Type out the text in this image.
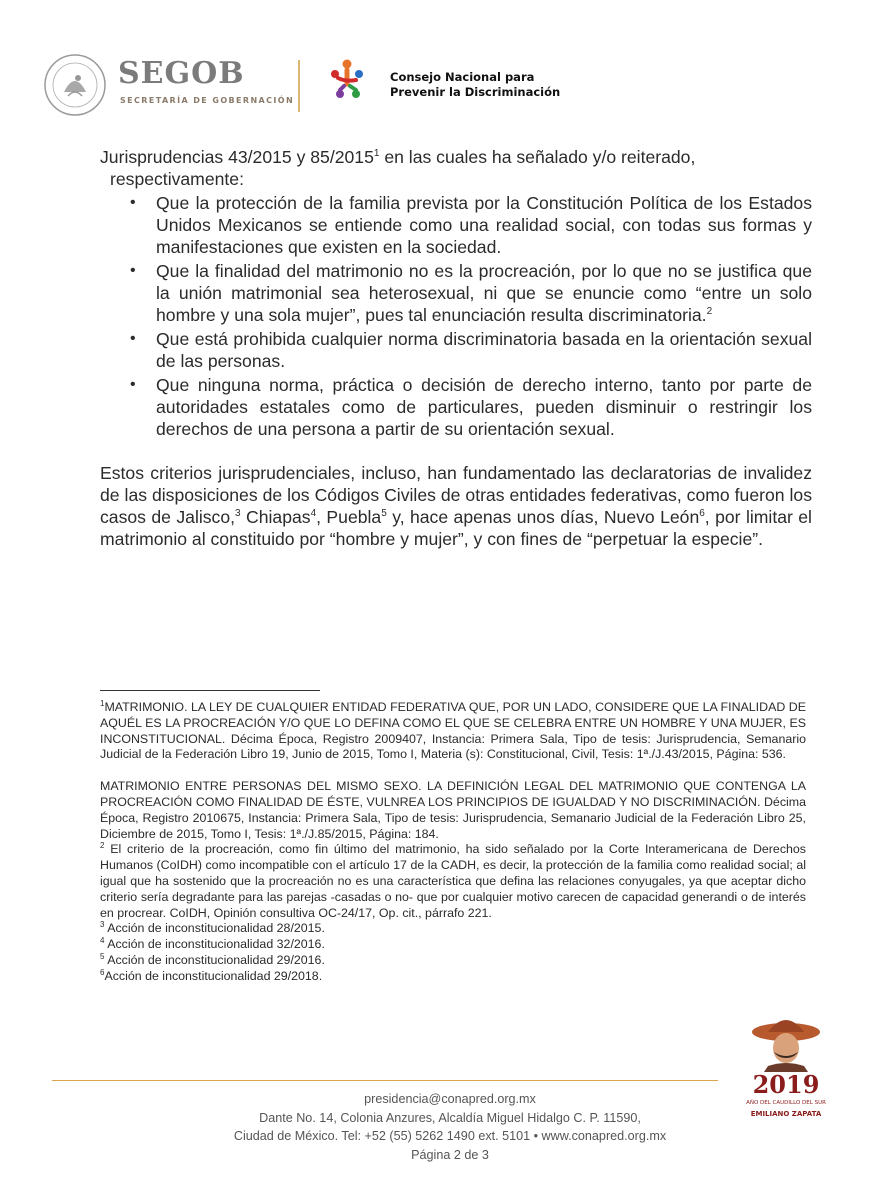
SEGOB
SECRETARÍA DE GOBERNACIÓN
Consejo Nacional para
Prevenir la Discriminación

Jurisprudencias 43/2015 y 85/2015$^1$ en las cuales ha señalado y/o reiterado,
respectivamente:

• Que la protección de la familia prevista por la Constitución Política de los Estados Unidos Mexicanos se entiende como una realidad social, con todas sus formas y manifestaciones que existen en la sociedad.
• Que la finalidad del matrimonio no es la procreación, por lo que no se justifica que la unión matrimonial sea heterosexual, ni que se enuncie como “entre un solo hombre y una sola mujer”, pues tal enunciación resulta discriminatoria.$^2$
• Que está prohibida cualquier norma discriminatoria basada en la orientación sexual de las personas.
• Que ninguna norma, práctica o decisión de derecho interno, tanto por parte de autoridades estatales como de particulares, pueden disminuir o restringir los derechos de una persona a partir de su orientación sexual.

Estos criterios jurisprudenciales, incluso, han fundamentado las declaratorias de invalidez de las disposiciones de los Códigos Civiles de otras entidades federativas, como fueron los casos de Jalisco,$^3$ Chiapas$^4$, Puebla$^5$ y, hace apenas unos días, Nuevo León$^6$, por limitar el matrimonio al constituido por “hombre y mujer”, y con fines de “perpetuar la especie”.

$^1$MATRIMONIO. LA LEY DE CUALQUIER ENTIDAD FEDERATIVA QUE, POR UN LADO, CONSIDERE QUE LA FINALIDAD DE AQUÉL ES LA PROCREACIÓN Y/O QUE LO DEFINA COMO EL QUE SE CELEBRA ENTRE UN HOMBRE Y UNA MUJER, ES INCONSTITUCIONAL. Décima Época, Registro 2009407, Instancia: Primera Sala, Tipo de tesis: Jurisprudencia, Semanario Judicial de la Federación Libro 19, Junio de 2015, Tomo I, Materia (s): Constitucional, Civil, Tesis: 1ª./J.43/2015, Página: 536.

MATRIMONIO ENTRE PERSONAS DEL MISMO SEXO. LA DEFINICIÓN LEGAL DEL MATRIMONIO QUE CONTENGA LA PROCREACIÓN COMO FINALIDAD DE ÉSTE, VULNREA LOS PRINCIPIOS DE IGUALDAD Y NO DISCRIMINACIÓN. Décima Época, Registro 2010675, Instancia: Primera Sala, Tipo de tesis: Jurisprudencia, Semanario Judicial de la Federación Libro 25, Diciembre de 2015, Tomo I, Tesis: 1ª./J.85/2015, Página: 184.

$^2$ El criterio de la procreación, como fin último del matrimonio, ha sido señalado por la Corte Interamericana de Derechos Humanos (CoIDH) como incompatible con el artículo 17 de la CADH, es decir, la protección de la familia como realidad social; al igual que ha sostenido que la procreación no es una característica que defina las relaciones conyugales, ya que aceptar dicho criterio sería degradante para las parejas -casadas o no- que por cualquier motivo carecen de capacidad generandi o de interés en procrear. CoIDH, Opinión consultiva OC-24/17, Op. cit., párrafo 221.

$^3$ Acción de inconstitucionalidad 28/2015.

$^4$ Acción de inconstitucionalidad 32/2016.

$^5$ Acción de inconstitucionalidad 29/2016.

$^6$Acción de inconstitucionalidad 29/2018.

2019
AÑO DEL CAUDILLO DEL SUR
EMILIANO ZAPATA
presidencia@conapred.org.mx
Dante No. 14, Colonia Anzures, Alcaldía Miguel Hidalgo C. P. 11590,
Ciudad de México. Tel: +52 (55) 5262 1490 ext. 5101 • www.conapred.org.mx
Página 2 de 3
